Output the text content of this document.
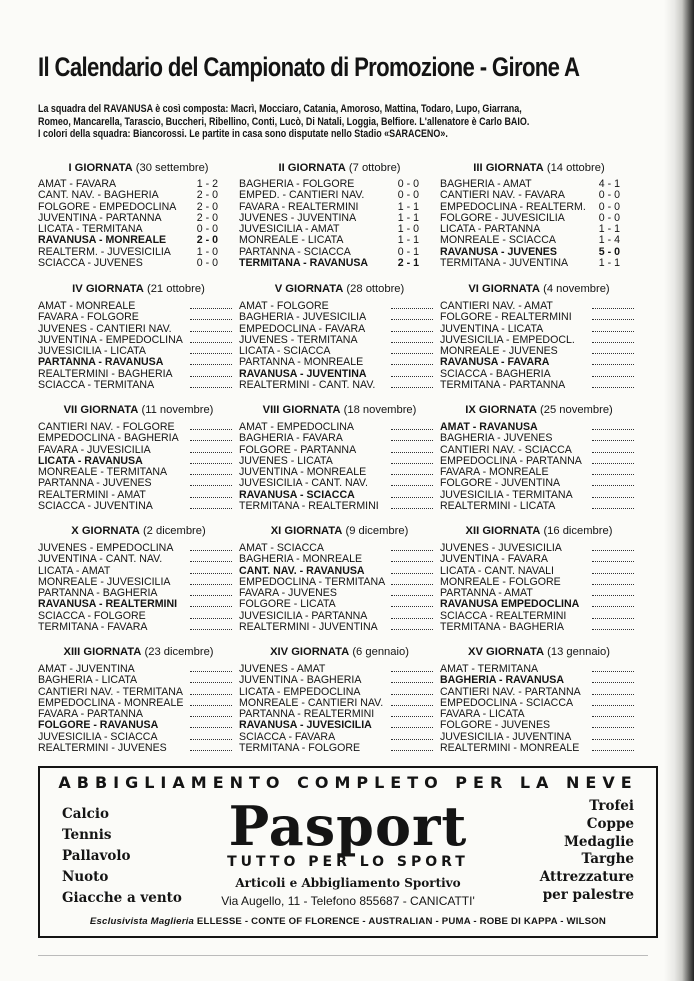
Il Calendario del Campionato di Promozione - Girone A
La squadra del RAVANUSA è così composta: Macrì, Mocciaro, Catania, Amoroso, Mattina, Todaro, Lupo, Giarrana,
Romeo, Mancarella, Tarascio, Buccheri, Ribellino, Conti, Lucò, Di Natali, Loggia, Belfiore. L'allenatore è Carlo BAIO.
I colori della squadra: Biancorossi. Le partite in casa sono disputate nello Stadio «SARACENO».
I GIORNATA (30 settembre)
AMAT - FAVARA	1 - 2
CANT. NAV. - BAGHERIA	2 - 0
FOLGORE - EMPEDOCLINA	2 - 0
JUVENTINA - PARTANNA	2 - 0
LICATA - TERMITANA	0 - 0
RAVANUSA - MONREALE	2 - 0
REALTERM. - JUVESICILIA	1 - 0
SCIACCA - JUVENES	0 - 0
II GIORNATA (7 ottobre)
BAGHERIA - FOLGORE	0 - 0
EMPED. - CANTIERI NAV.	0 - 0
FAVARA - REALTERMINI	1 - 1
JUVENES - JUVENTINA	1 - 1
JUVESICILIA - AMAT	1 - 0
MONREALE - LICATA	1 - 1
PARTANNA - SCIACCA	0 - 1
TERMITANA - RAVANUSA	2 - 1
III GIORNATA (14 ottobre)
BAGHERIA - AMAT	4 - 1
CANTIERI NAV. - FAVARA	0 - 0
EMPEDOCLINA - REALTERM.	0 - 0
FOLGORE - JUVESICILIA	0 - 0
LICATA - PARTANNA	1 - 1
MONREALE - SCIACCA	1 - 4
RAVANUSA - JUVENES	5 - 0
TERMITANA - JUVENTINA	1 - 1
IV GIORNATA (21 ottobre)
AMAT - MONREALE
FAVARA - FOLGORE
JUVENES - CANTIERI NAV.
JUVENTINA - EMPEDOCLINA
JUVESICILIA - LICATA
PARTANNA - RAVANUSA
REALTERMINI - BAGHERIA
SCIACCA - TERMITANA
V GIORNATA (28 ottobre)
AMAT - FOLGORE
BAGHERIA - JUVESICILIA
EMPEDOCLINA - FAVARA
JUVENES - TERMITANA
LICATA - SCIACCA
PARTANNA - MONREALE
RAVANUSA - JUVENTINA
REALTERMINI - CANT. NAV.
VI GIORNATA (4 novembre)
CANTIERI NAV. - AMAT
FOLGORE - REALTERMINI
JUVENTINA - LICATA
JUVESICILIA - EMPEDOCL.
MONREALE - JUVENES
RAVANUSA - FAVARA
SCIACCA - BAGHERIA
TERMITANA - PARTANNA
VII GIORNATA (11 novembre)
CANTIERI NAV. - FOLGORE
EMPEDOCLINA - BAGHERIA
FAVARA - JUVESICILIA
LICATA - RAVANUSA
MONREALE - TERMITANA
PARTANNA - JUVENES
REALTERMINI - AMAT
SCIACCA - JUVENTINA
VIII GIORNATA (18 novembre)
AMAT - EMPEDOCLINA
BAGHERIA - FAVARA
FOLGORE - PARTANNA
JUVENES - LICATA
JUVENTINA - MONREALE
JUVESICILIA - CANT. NAV.
RAVANUSA - SCIACCA
TERMITANA - REALTERMINI
IX GIORNATA (25 novembre)
AMAT - RAVANUSA
BAGHERIA - JUVENES
CANTIERI NAV. - SCIACCA
EMPEDOCLINA - PARTANNA
FAVARA - MONREALE
FOLGORE - JUVENTINA
JUVESICILIA - TERMITANA
REALTERMINI - LICATA
X GIORNATA (2 dicembre)
JUVENES - EMPEDOCLINA
JUVENTINA - CANT. NAV.
LICATA - AMAT
MONREALE - JUVESICILIA
PARTANNA - BAGHERIA
RAVANUSA - REALTERMINI
SCIACCA - FOLGORE
TERMITANA - FAVARA
XI GIORNATA (9 dicembre)
AMAT - SCIACCA
BAGHERIA - MONREALE
CANT. NAV. - RAVANUSA
EMPEDOCLINA - TERMITANA
FAVARA - JUVENES
FOLGORE - LICATA
JUVESICILIA - PARTANNA
REALTERMINI - JUVENTINA
XII GIORNATA (16 dicembre)
JUVENES - JUVESICILIA
JUVENTINA - FAVARA
LICATA - CANT. NAVALI
MONREALE - FOLGORE
PARTANNA - AMAT
RAVANUSA EMPEDOCLINA
SCIACCA - REALTERMINI
TERMITANA - BAGHERIA
XIII GIORNATA (23 dicembre)
AMAT - JUVENTINA
BAGHERIA - LICATA
CANTIERI NAV. - TERMITANA
EMPEDOCLINA - MONREALE
FAVARA - PARTANNA
FOLGORE - RAVANUSA
JUVESICILIA - SCIACCA
REALTERMINI - JUVENES
XIV GIORNATA (6 gennaio)
JUVENES - AMAT
JUVENTINA - BAGHERIA
LICATA - EMPEDOCLINA
MONREALE - CANTIERI NAV.
PARTANNA - REALTERMINI
RAVANUSA - JUVESICILIA
SCIACCA - FAVARA
TERMITANA - FOLGORE
XV GIORNATA (13 gennaio)
AMAT - TERMITANA
BAGHERIA - RAVANUSA
CANTIERI NAV. - PARTANNA
EMPEDOCLINA - SCIACCA
FAVARA - LICATA
FOLGORE - JUVENES
JUVESICILIA - JUVENTINA
REALTERMINI - MONREALE
ABBIGLIAMENTO COMPLETO PER LA NEVE
Calcio
Tennis
Pallavolo
Nuoto
Giacche a vento
Pasport	Trofei
Coppe
Medaglie
Targhe
Attrezzature
per palestre
TUTTO PER LO SPORT
Articoli e Abbigliamento Sportivo
Via Augello, 11 - Telefono 855687 - CANICATTI'
Esclusivista Maglieria ELLESSE - CONTE OF FLORENCE - AUSTRALIAN - PUMA - ROBE DI KAPPA - WILSON
